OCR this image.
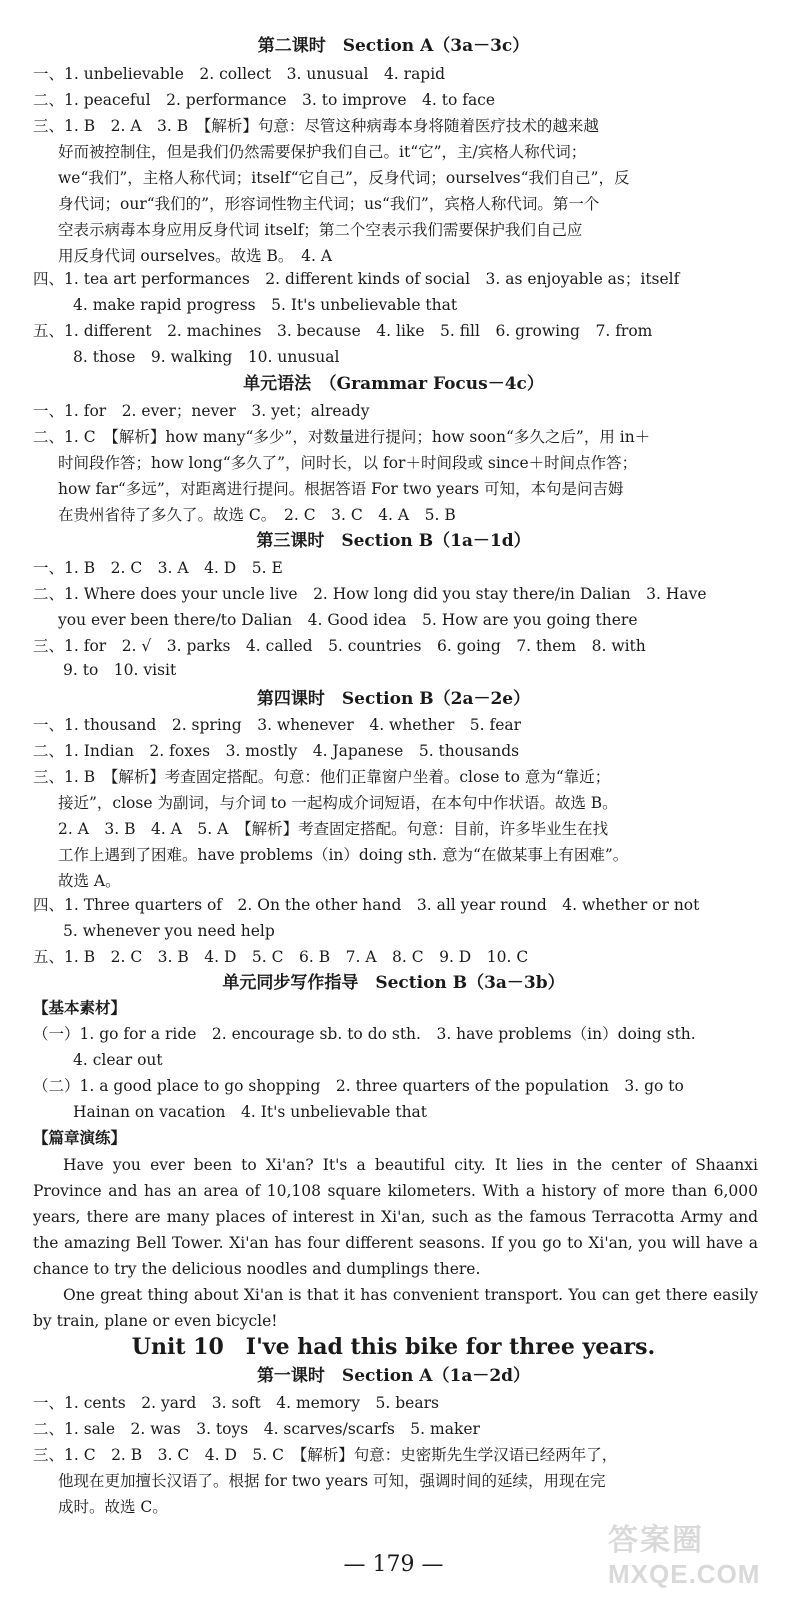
第二课时　Section A（3a－3c）
一、1. unbelievable　2. collect　3. unusual　4. rapid
二、1. peaceful　2. performance　3. to improve　4. to face
三、1. B　2. A　3. B　【解析】句意：尽管这种病毒本身将随着医疗技术的越来越
好而被控制住，但是我们仍然需要保护我们自己。it“它”，主/宾格人称代词；
we“我们”，主格人称代词；itself“它自己”，反身代词；ourselves“我们自己”，反
身代词；our“我们的”，形容词性物主代词；us“我们”，宾格人称代词。第一个
空表示病毒本身应用反身代词 itself；第二个空表示我们需要保护我们自己应
用反身代词 ourselves。故选 B。　4. A
四、1. tea art performances　2. different kinds of social　3. as enjoyable as；itself
4. make rapid progress　5. It's unbelievable that
五、1. different　2. machines　3. because　4. like　5. fill　6. growing　7. from
8. those　9. walking　10. unusual
单元语法　（Grammar Focus－4c）
一、1. for　2. ever；never　3. yet；already
二、1. C　【解析】how many“多少”，对数量进行提问；how soon“多久之后”，用 in＋
时间段作答；how long“多久了”，问时长，以 for＋时间段或 since＋时间点作答；
how far“多远”，对距离进行提问。根据答语 For two years 可知，本句是问吉姆
在贵州省待了多久了。故选 C。　2. C　3. C　4. A　5. B
第三课时　Section B（1a－1d）
一、1. B　2. C　3. A　4. D　5. E
二、1. Where does your uncle live　2. How long did you stay there/in Dalian　3. Have
you ever been there/to Dalian　4. Good idea　5. How are you going there
三、1. for　2. √　3. parks　4. called　5. countries　6. going　7. them　8. with
9. to　10. visit
第四课时　Section B（2a－2e）
一、1. thousand　2. spring　3. whenever　4. whether　5. fear
二、1. Indian　2. foxes　3. mostly　4. Japanese　5. thousands
三、1. B　【解析】考查固定搭配。句意：他们正靠窗户坐着。close to 意为“靠近；
接近”，close 为副词，与介词 to 一起构成介词短语，在本句中作状语。故选 B。
2. A　3. B　4. A　5. A　【解析】考查固定搭配。句意：目前，许多毕业生在找
工作上遇到了困难。have problems（in）doing sth. 意为“在做某事上有困难”。
故选 A。
四、1. Three quarters of　2. On the other hand　3. all year round　4. whether or not
5. whenever you need help
五、1. B　2. C　3. B　4. D　5. C　6. B　7. A　8. C　9. D　10. C
单元同步写作指导　Section B（3a－3b）
【基本素材】
（一）1. go for a ride　2. encourage sb. to do sth.　3. have problems（in）doing sth.
4. clear out
（二）1. a good place to go shopping　2. three quarters of the population　3. go to
Hainan on vacation　4. It's unbelievable that
【篇章演练】

Have you ever been to Xi'an? It's a beautiful city. It lies in the center of Shaanxi Province and has an area of 10,108 square kilometers. With a history of more than 6,000 years, there are many places of interest in Xi'an, such as the famous Terracotta Army and the amazing Bell Tower. Xi'an has four different seasons. If you go to Xi'an, you will have a chance to try the delicious noodles and dumplings there.

One great thing about Xi'an is that it has convenient transport. You can get there easily by train, plane or even bicycle!

Unit 10　I've had this bike for three years.
第一课时　Section A（1a－2d）
一、1. cents　2. yard　3. soft　4. memory　5. bears
二、1. sale　2. was　3. toys　4. scarves/scarfs　5. maker
三、1. C　2. B　3. C　4. D　5. C　【解析】句意：史密斯先生学汉语已经两年了，
他现在更加擅长汉语了。根据 for two years 可知，强调时间的延续，用现在完
成时。故选 C。
— 179 —
答案圈
MXQE.COM
